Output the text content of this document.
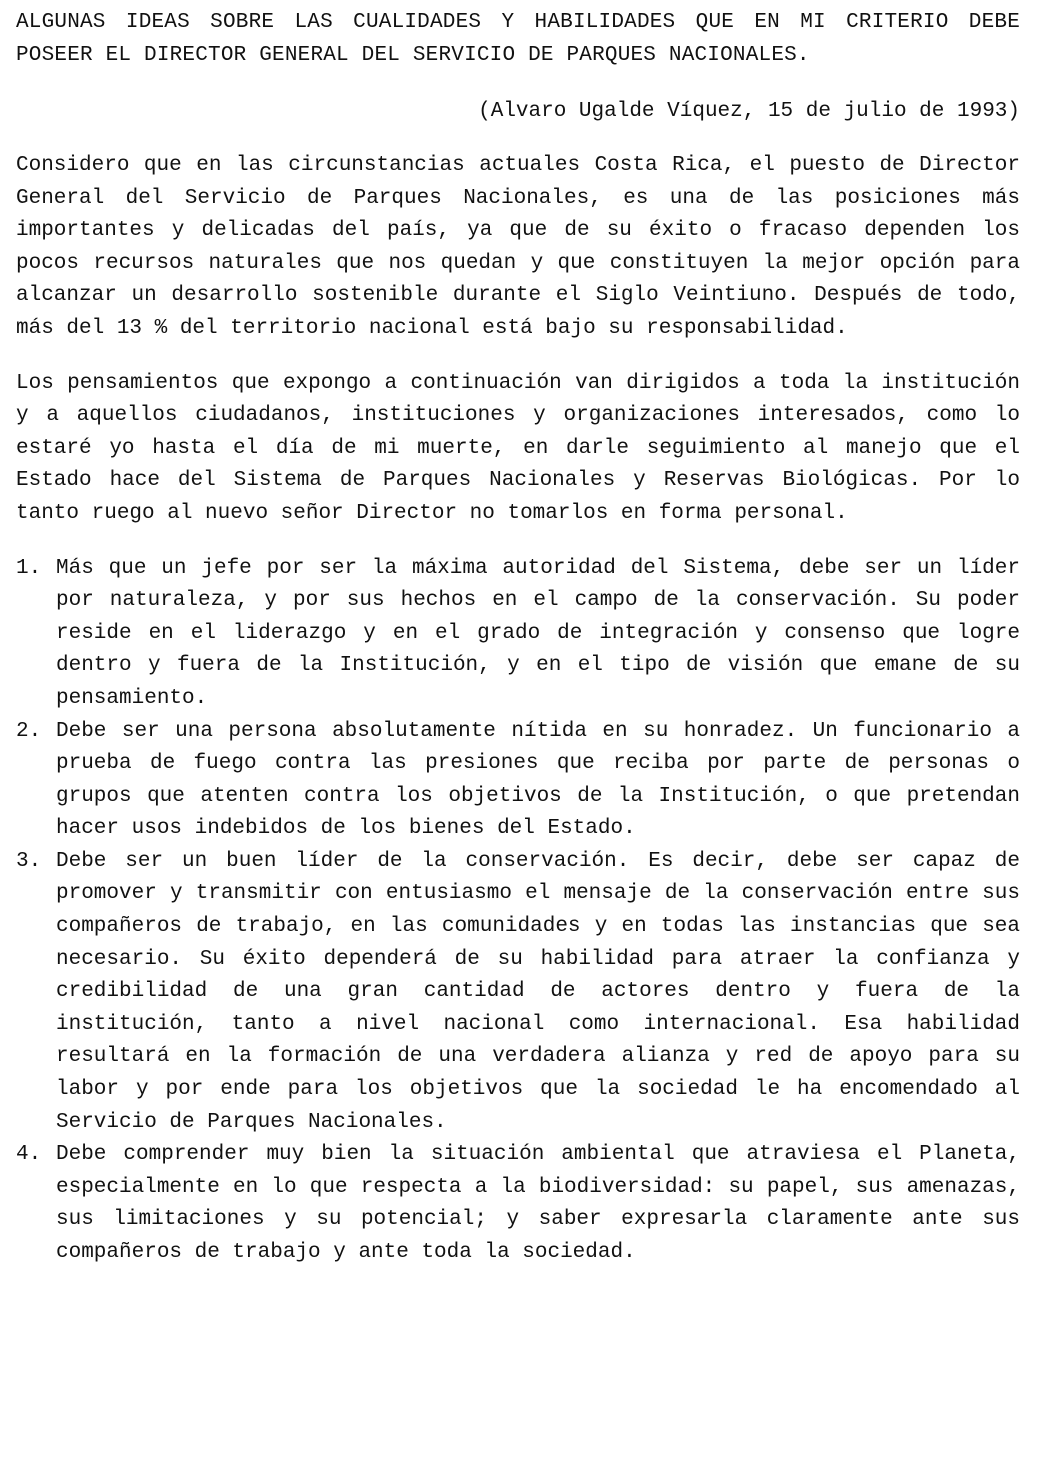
ALGUNAS IDEAS SOBRE LAS CUALIDADES Y HABILIDADES QUE EN MI CRITERIO DEBE POSEER EL DIRECTOR GENERAL DEL SERVICIO DE PARQUES NACIONALES.

(Alvaro Ugalde Víquez, 15 de julio de 1993)

Considero que en las circunstancias actuales Costa Rica, el puesto de Director General del Servicio de Parques Nacionales, es una de las posiciones más importantes y delicadas del país, ya que de su éxito o fracaso dependen los pocos recursos naturales que nos quedan y que constituyen la mejor opción para alcanzar un desarrollo sostenible durante el Siglo Veintiuno. Después de todo, más del 13 % del territorio nacional está bajo su responsabilidad.

Los pensamientos que expongo a continuación van dirigidos a toda la institución y a aquellos ciudadanos, instituciones y organizaciones interesados, como lo estaré yo hasta el día de mi muerte, en darle seguimiento al manejo que el Estado hace del Sistema de Parques Nacionales y Reservas Biológicas. Por lo tanto ruego al nuevo señor Director no tomarlos en forma personal.

1. Más que un jefe por ser la máxima autoridad del Sistema, debe ser un líder por naturaleza, y por sus hechos en el campo de la conservación. Su poder reside en el liderazgo y en el grado de integración y consenso que logre dentro y fuera de la Institución, y en el tipo de visión que emane de su pensamiento.
2. Debe ser una persona absolutamente nítida en su honradez. Un funcionario a prueba de fuego contra las presiones que reciba por parte de personas o grupos que atenten contra los objetivos de la Institución, o que pretendan hacer usos indebidos de los bienes del Estado.
3. Debe ser un buen líder de la conservación. Es decir, debe ser capaz de promover y transmitir con entusiasmo el mensaje de la conservación entre sus compañeros de trabajo, en las comunidades y en todas las instancias que sea necesario. Su éxito dependerá de su habilidad para atraer la confianza y credibilidad de una gran cantidad de actores dentro y fuera de la institución, tanto a nivel nacional como internacional. Esa habilidad resultará en la formación de una verdadera alianza y red de apoyo para su labor y por ende para los objetivos que la sociedad le ha encomendado al Servicio de Parques Nacionales.
4. Debe comprender muy bien la situación ambiental que atraviesa el Planeta, especialmente en lo que respecta a la biodiversidad: su papel, sus amenazas, sus limitaciones y su potencial; y saber expresarla claramente ante sus compañeros de trabajo y ante toda la sociedad.
